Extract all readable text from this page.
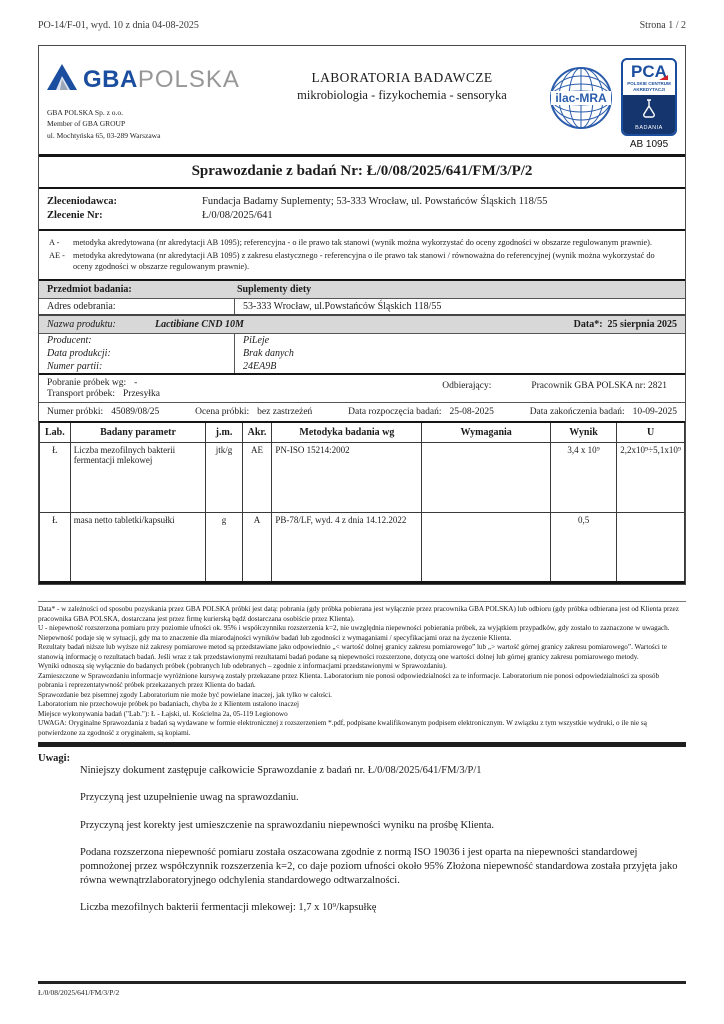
PO-14/F-01, wyd. 10 z dnia 04-08-2025	Strona 1 / 2
GBA POLSKA
GBA POLSKA Sp. z o.o.
Member of GBA GROUP
ul. Mochtyńska 65, 03-289 Warszawa
LABORATORIA BADAWCZE
mikrobiologia - fizykochemia - sensoryka	ilac-MRA
PCA
POLSKIE CENTRUM
AKREDYTACJI
BADANIA
AB 1095
Sprawozdanie z badań Nr: Ł/0/08/2025/641/FM/3/P/2
Zleceniodawca:	Fundacja Badamy Suplementy; 53-333 Wrocław, ul. Powstańców Śląskich 118/55
Zlecenie Nr:	Ł/0/08/2025/641
A -	metodyka akredytowana (nr akredytacji AB 1095); referencyjna - o ile prawo tak stanowi (wynik można wykorzystać do oceny zgodności w obszarze regulowanym prawnie).
AE - metodyka akredytowana (nr akredytacji AB 1095) z zakresu elastycznego - referencyjna o ile prawo tak stanowi / równoważna do referencyjnej (wynik można wykorzystać do oceny zgodności w obszarze regulowanym prawnie).
Przedmiot badania:	Suplementy diety
Adres odebrania:	53-333 Wrocław, ul.Powstańców Śląskich 118/55
Nazwa produktu:	Lactibiane CND 10M	Data*:
25 sierpnia 2025
Producent:	PiLeje
Data produkcji:	Brak danych
Numer partii:	24EA9B
Pobranie próbek wg: -
Transport próbek: Przesyłka
Odbierający:	Pracownik GBA POLSKA nr: 2821
Numer próbki: 45089/08/25	Ocena próbki: bez zastrzeżeń	Data rozpoczęcia badań: 25-08-2025	Data zakończenia badań: 10-09-2025
Lab.	Badany parametr	j.m.	Akr.	Metodyka badania wg	Wymagania	Wynik	U
Ł	Liczba mezofilnych bakterii fermentacji mlekowej	jtk/g	AE	PN-ISO 15214:2002		3,4 x 10⁹	2,2x10⁹÷5,1x10⁹
Ł	masa netto tabletki/kapsułki	g	A	PB-78/LF, wyd. 4 z dnia 14.12.2022		0,5	
Data* - w zależności od sposobu pozyskania przez GBA POLSKA próbki jest datą: pobrania (gdy próbka pobierana jest wyłącznie przez pracownika GBA POLSKA) lub odbioru (gdy próbka odbierana jest od Klienta przez pracownika GBA POLSKA, dostarczana jest przez firmę kurierską bądź dostarczana osobiście przez Klienta).
U - niepewność rozszerzona pomiaru przy poziomie ufności ok. 95% i współczynniku rozszerzenia k=2, nie uwzględnia niepewności pobierania próbek, za wyjątkiem przypadków, gdy zostało to zaznaczone w uwagach.
Niepewność podaje się w sytuacji, gdy ma to znaczenie dla miarodajności wyników badań lub zgodności z wymaganiami / specyfikacjami oraz na życzenie Klienta.
Rezultaty badań niższe lub wyższe niż zakresy pomiarowe metod są przedstawiane jako odpowiednio „< wartość dolnej granicy zakresu pomiarowego” lub „> wartość górnej granicy zakresu pomiarowego”. Wartości te stanowią informację o rezultatach badań. Jeśli wraz z tak przedstawionymi rezultatami badań podane są niepewności rozszerzone, dotyczą one wartości dolnej lub górnej granicy zakresu pomiarowego metody.
Wyniki odnoszą się wyłącznie do badanych próbek (pobranych lub odebranych – zgodnie z informacjami przedstawionymi w Sprawozdaniu).
Zamieszczone w Sprawozdaniu informacje wyróżnione kursywą zostały przekazane przez Klienta. Laboratorium nie ponosi odpowiedzialności za te informacje. Laboratorium nie ponosi odpowiedzialności za sposób pobrania i reprezentatywność próbek przekazanych przez Klienta do badań.
Sprawozdanie bez pisemnej zgody Laboratorium nie może być powielane inaczej, jak tylko w całości.
Laboratorium nie przechowuje próbek po badaniach, chyba że z Klientem ustalono inaczej
Miejsce wykonywania badań ("Lab."): Ł - Łajski, ul. Kościelna 2a, 05-119 Legionowo
UWAGA: Oryginalne Sprawozdania z badań są wydawane w formie elektronicznej z rozszerzeniem *.pdf, podpisane kwalifikowanym podpisem elektronicznym. W związku z tym wszystkie wydruki, o ile nie są potwierdzone za zgodność z oryginałem, są kopiami.
Uwagi:

Niniejszy dokument zastępuje całkowicie Sprawozdanie z badań nr. Ł/0/08/2025/641/FM/3/P/1

Przyczyną jest uzupełnienie uwag na sprawozdaniu.

Przyczyną jest korekty jest umieszczenie na sprawozdaniu niepewności wyniku na prośbę Klienta.

Podana rozszerzona niepewność pomiaru została oszacowana zgodnie z normą ISO 19036 i jest oparta na niepewności standardowej pomnożonej przez współczynnik rozszerzenia k=2, co daje poziom ufności około 95% Złożona niepewność standardowa została przyjęta jako równa wewnątrzlaboratoryjnego odchylenia standardowego odtwarzalności.

Liczba mezofilnych bakterii fermentacji mlekowej: 1,7 x 10⁹/kapsułkę

Ł/0/08/2025/641/FM/3/P/2
